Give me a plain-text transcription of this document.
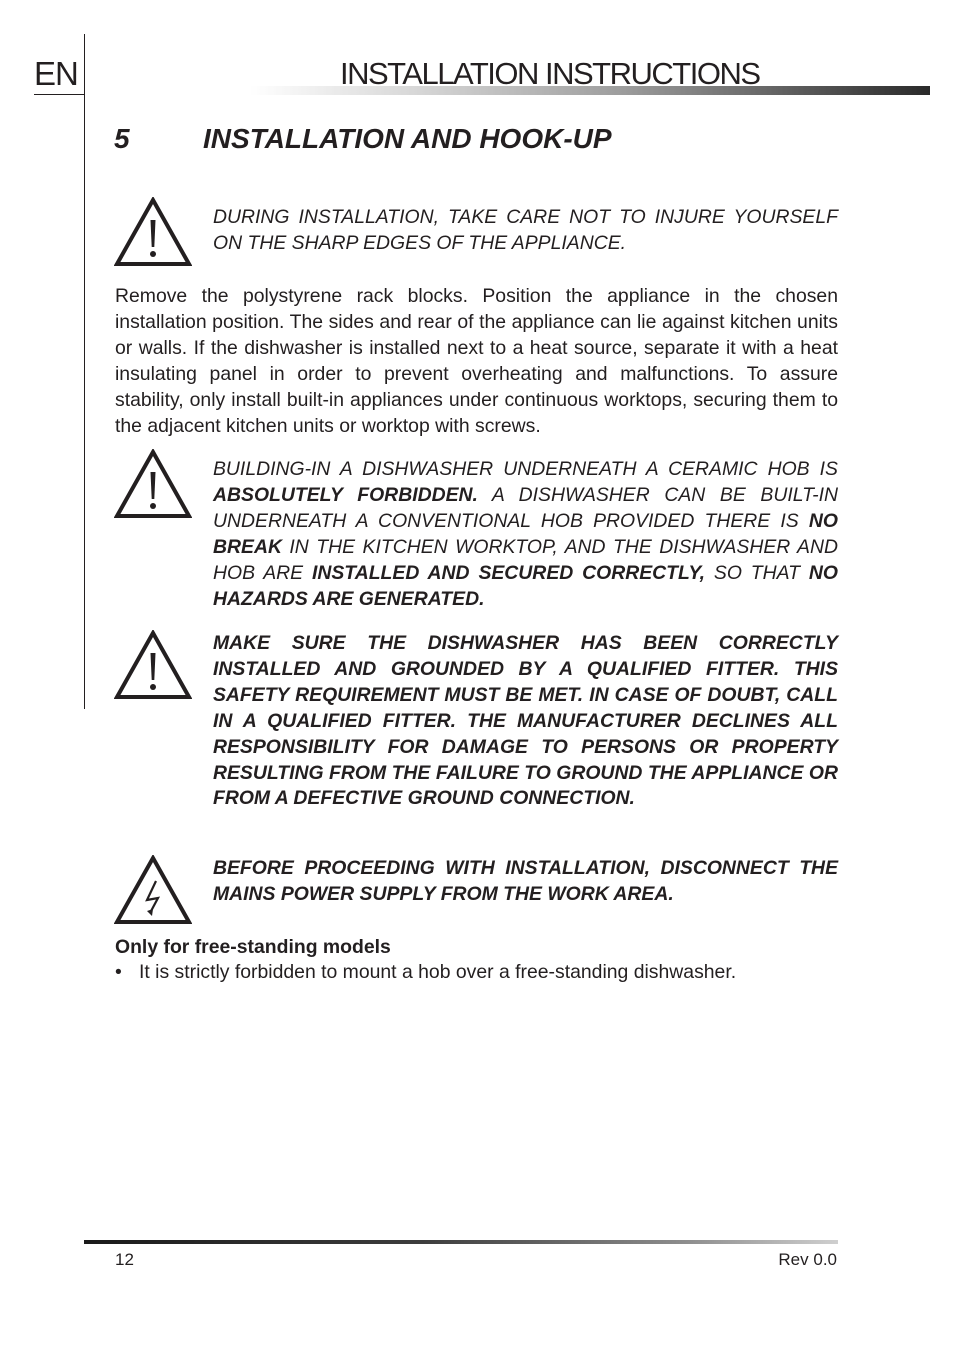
EN	INSTALLATION INSTRUCTIONS
5	INSTALLATION AND HOOK-UP
DURING INSTALLATION, TAKE CARE NOT TO INJURE YOURSELF ON THE SHARP EDGES OF THE APPLIANCE.
Remove the polystyrene rack blocks. Position the appliance in the chosen installation position. The sides and rear of the appliance can lie against kitchen units or walls. If the dishwasher is installed next to a heat source, separate it with a heat insulating panel in order to prevent overheating and malfunctions. To assure stability, only install built-in appliances under continuous worktops, securing them to the adjacent kitchen units or worktop with screws.
BUILDING-IN A DISHWASHER UNDERNEATH A CERAMIC HOB IS ABSOLUTELY FORBIDDEN. A DISHWASHER CAN BE BUILT-IN UNDERNEATH A CONVENTIONAL HOB PROVIDED THERE IS NO BREAK IN THE KITCHEN WORKTOP, AND THE DISHWASHER AND HOB ARE INSTALLED AND SECURED CORRECTLY, SO THAT NO HAZARDS ARE GENERATED.
MAKE SURE THE DISHWASHER HAS BEEN CORRECTLY INSTALLED AND GROUNDED BY A QUALIFIED FITTER. THIS SAFETY REQUIREMENT MUST BE MET. IN CASE OF DOUBT, CALL IN A QUALIFIED FITTER. THE MANUFACTURER DECLINES ALL RESPONSIBILITY FOR DAMAGE TO PERSONS OR PROPERTY RESULTING FROM THE FAILURE TO GROUND THE APPLIANCE OR FROM A DEFECTIVE GROUND CONNECTION.
BEFORE PROCEEDING WITH INSTALLATION, DISCONNECT THE MAINS POWER SUPPLY FROM THE WORK AREA.
Only for free-standing models
• It is strictly forbidden to mount a hob over a free-standing dishwasher.
12	Rev 0.0
